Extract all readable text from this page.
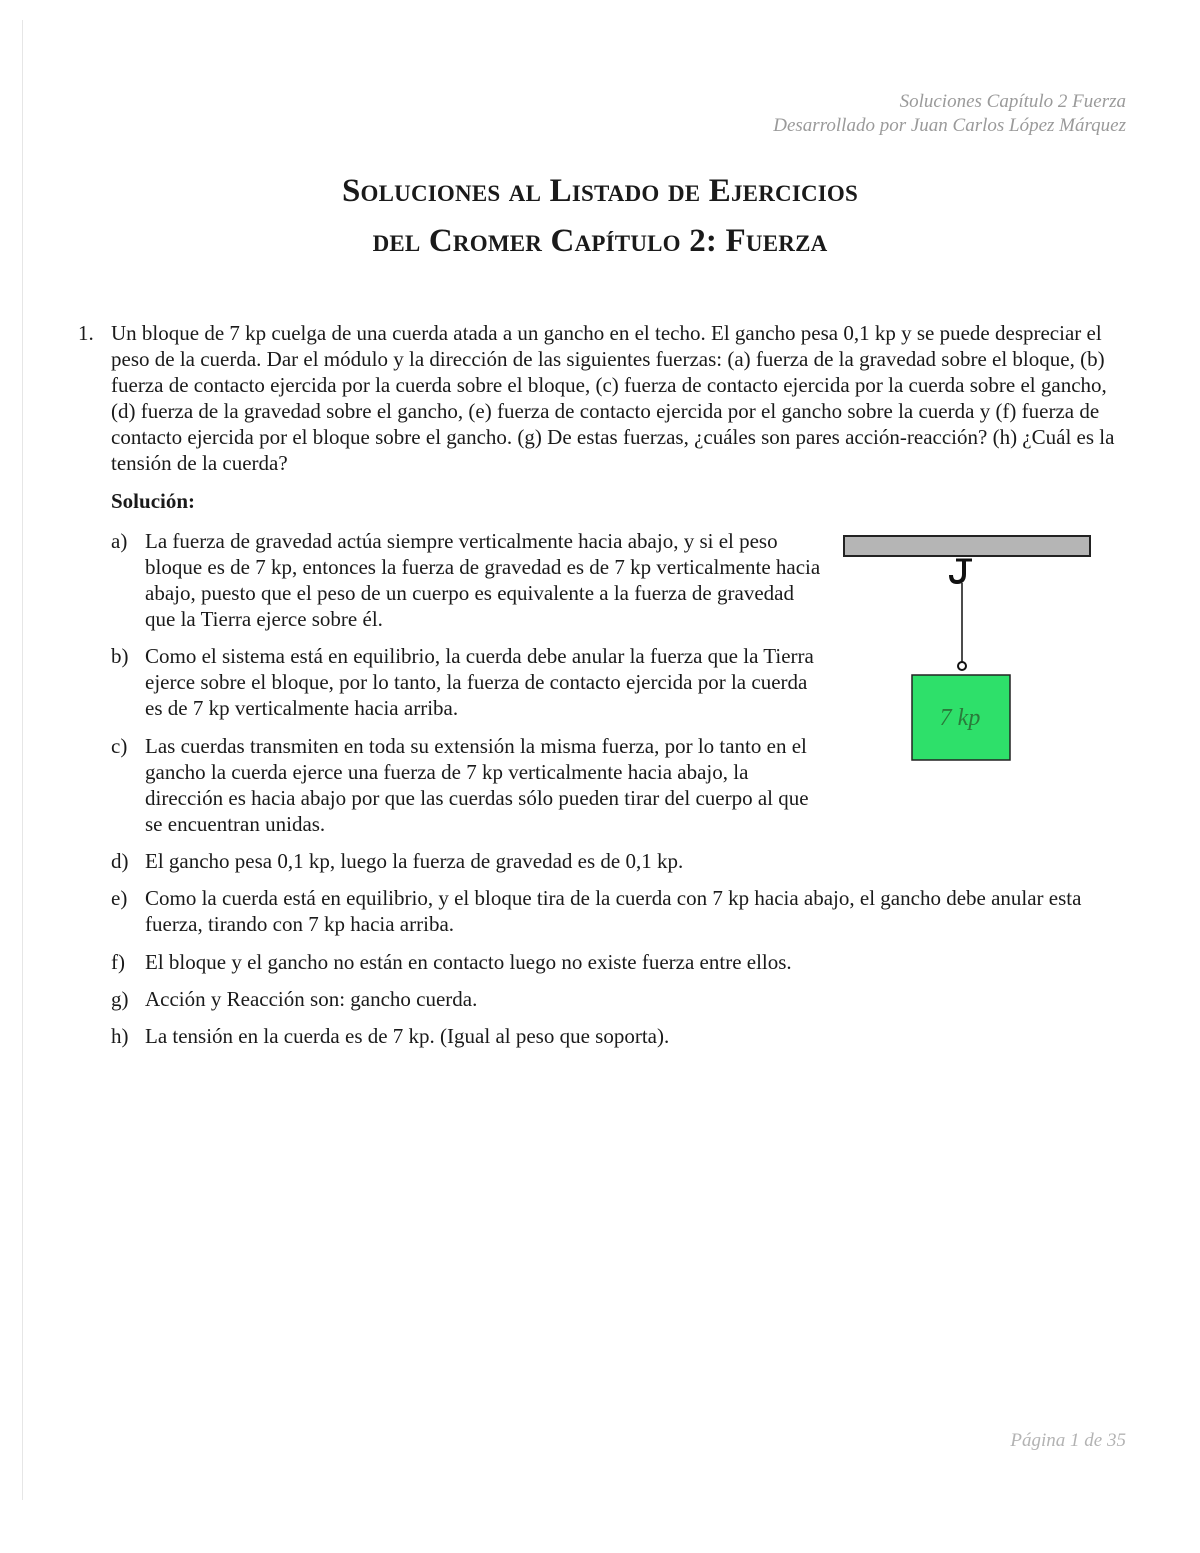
Soluciones Capítulo 2 Fuerza
Desarrollado por Juan Carlos López Márquez
Soluciones al Listado de Ejercicios
del Cromer Capítulo 2: Fuerza
1. Un bloque de 7 kp cuelga de una cuerda atada a un gancho en el techo. El gancho pesa 0,1 kp y se puede despreciar el peso de la cuerda. Dar el módulo y la dirección de las siguientes fuerzas: (a) fuerza de la gravedad sobre el bloque, (b) fuerza de contacto ejercida por la cuerda sobre el bloque, (c) fuerza de contacto ejercida por la cuerda sobre el gancho, (d) fuerza de la gravedad sobre el gancho, (e) fuerza de contacto ejercida por el gancho sobre la cuerda y (f) fuerza de contacto ejercida por el bloque sobre el gancho. (g) De estas fuerzas, ¿cuáles son pares acción-reacción? (h) ¿Cuál es la tensión de la cuerda?
Solución:
a) La fuerza de gravedad actúa siempre verticalmente hacia abajo, y si el peso bloque es de 7 kp, entonces la fuerza de gravedad es de 7 kp verticalmente hacia abajo, puesto que el peso de un cuerpo es equivalente a la fuerza de gravedad que la Tierra ejerce sobre él.
b) Como el sistema está en equilibrio, la cuerda debe anular la fuerza que la Tierra ejerce sobre el bloque, por lo tanto, la fuerza de contacto ejercida por la cuerda es de 7 kp verticalmente hacia arriba.
c) Las cuerdas transmiten en toda su extensión la misma fuerza, por lo tanto en el gancho la cuerda ejerce una fuerza de 7 kp verticalmente hacia abajo, la dirección es hacia abajo por que las cuerdas sólo pueden tirar del cuerpo al que se encuentran unidas.
d) El gancho pesa 0,1 kp, luego la fuerza de gravedad es de 0,1 kp.
e) Como la cuerda está en equilibrio, y el bloque tira de la cuerda con 7 kp hacia abajo, el gancho debe anular esta fuerza, tirando con 7 kp hacia arriba.
f) El bloque y el gancho no están en contacto luego no existe fuerza entre ellos.
g) Acción y Reacción son: gancho cuerda.
h) La tensión en la cuerda es de 7 kp. (Igual al peso que soporta).
7 kp
Página 1 de 35
